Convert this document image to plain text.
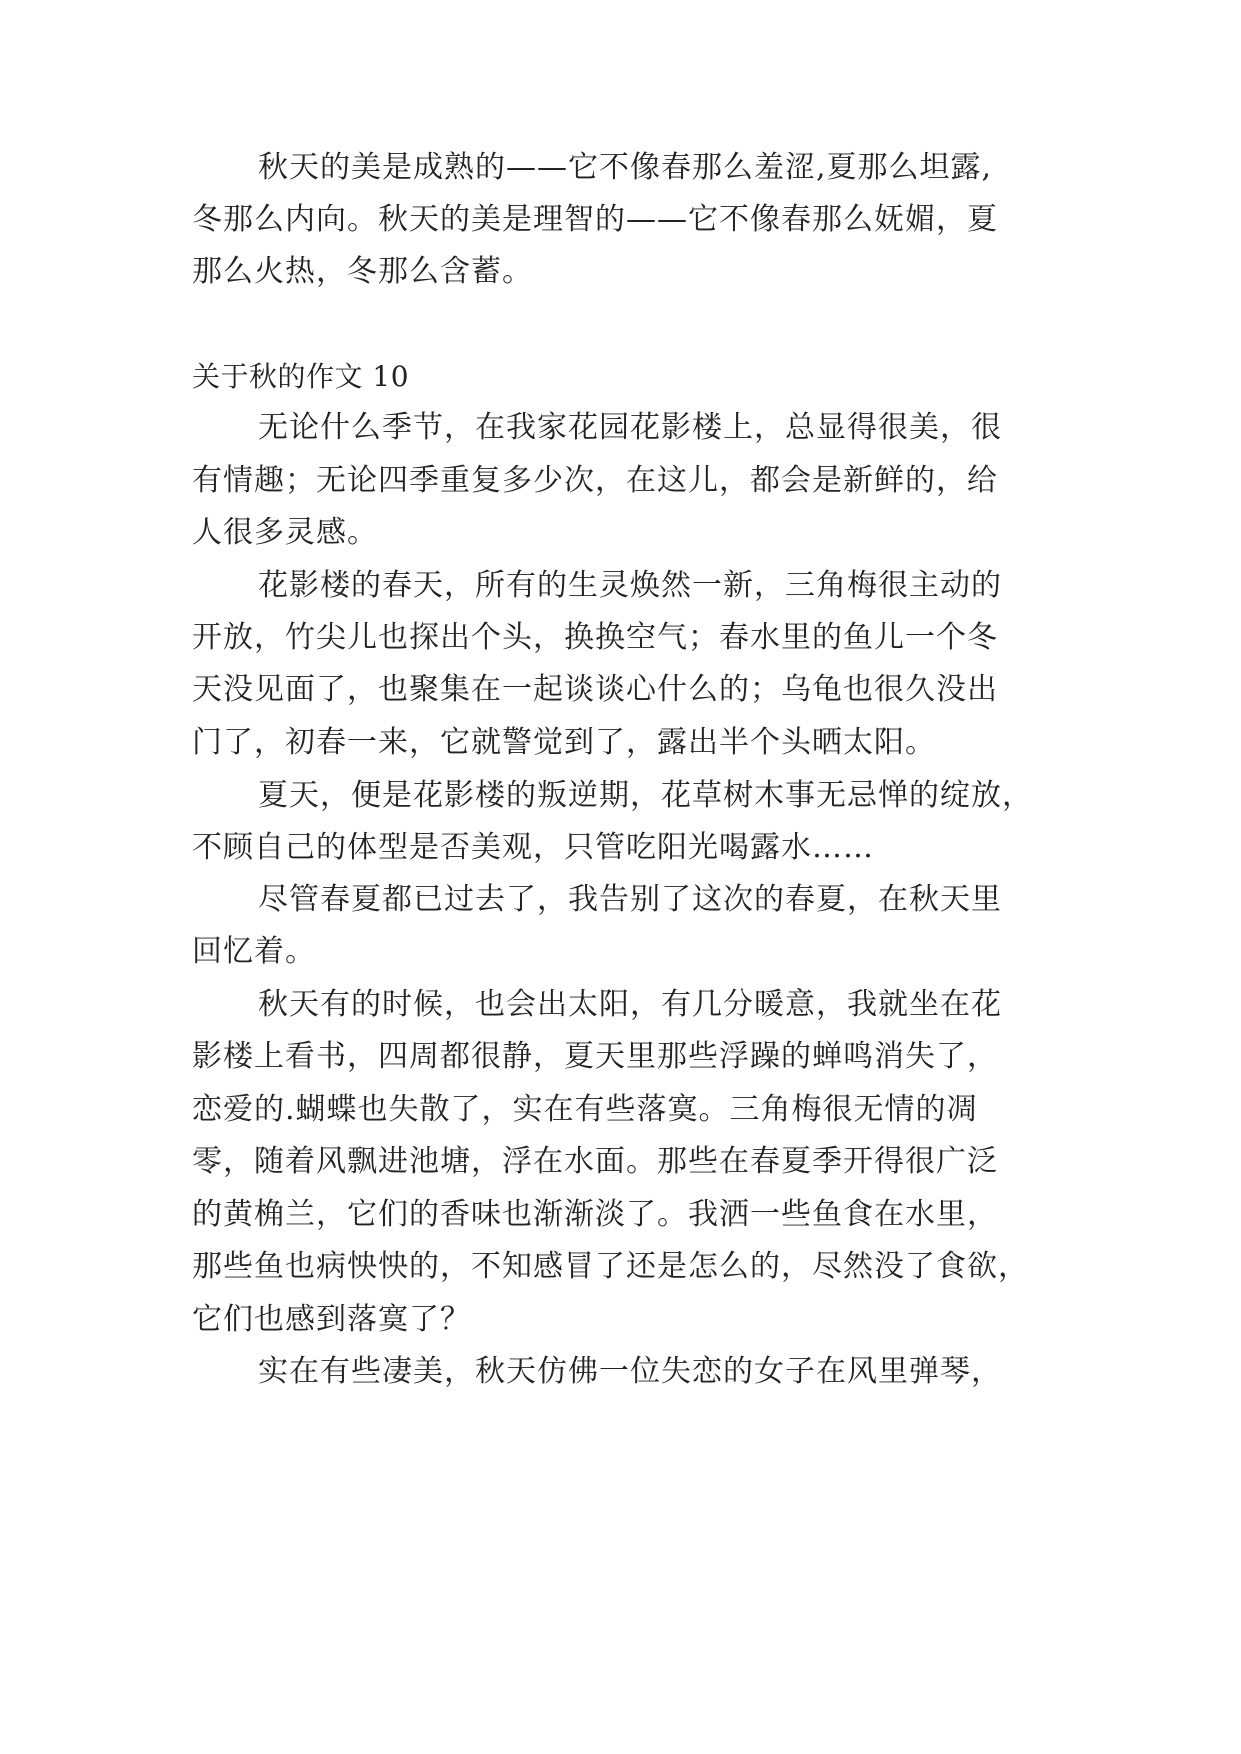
秋天的美是成熟的——它不像春那么羞涩,夏那么坦露,
冬那么内向。秋天的美是理智的——它不像春那么妩媚，夏
那么火热，冬那么含蓄。
关于秋的作文 10
无论什么季节，在我家花园花影楼上，总显得很美，很
有情趣；无论四季重复多少次，在这儿，都会是新鲜的，给
人很多灵感。
花影楼的春天，所有的生灵焕然一新，三角梅很主动的
开放，竹尖儿也探出个头，换换空气；春水里的鱼儿一个冬
天没见面了，也聚集在一起谈谈心什么的；乌龟也很久没出
门了，初春一来，它就警觉到了，露出半个头晒太阳。
夏天，便是花影楼的叛逆期，花草树木事无忌惮的绽放，
不顾自己的体型是否美观，只管吃阳光喝露水……
尽管春夏都已过去了，我告别了这次的春夏，在秋天里
回忆着。
秋天有的时候，也会出太阳，有几分暖意，我就坐在花
影楼上看书，四周都很静，夏天里那些浮躁的蝉鸣消失了，
恋爱的.蝴蝶也失散了，实在有些落寞。三角梅很无情的凋
零，随着风飘进池塘，浮在水面。那些在春夏季开得很广泛
的黄桷兰，它们的香味也渐渐淡了。我洒一些鱼食在水里，
那些鱼也病怏怏的，不知感冒了还是怎么的，尽然没了食欲，
它们也感到落寞了？
实在有些凄美，秋天仿佛一位失恋的女子在风里弹琴，
